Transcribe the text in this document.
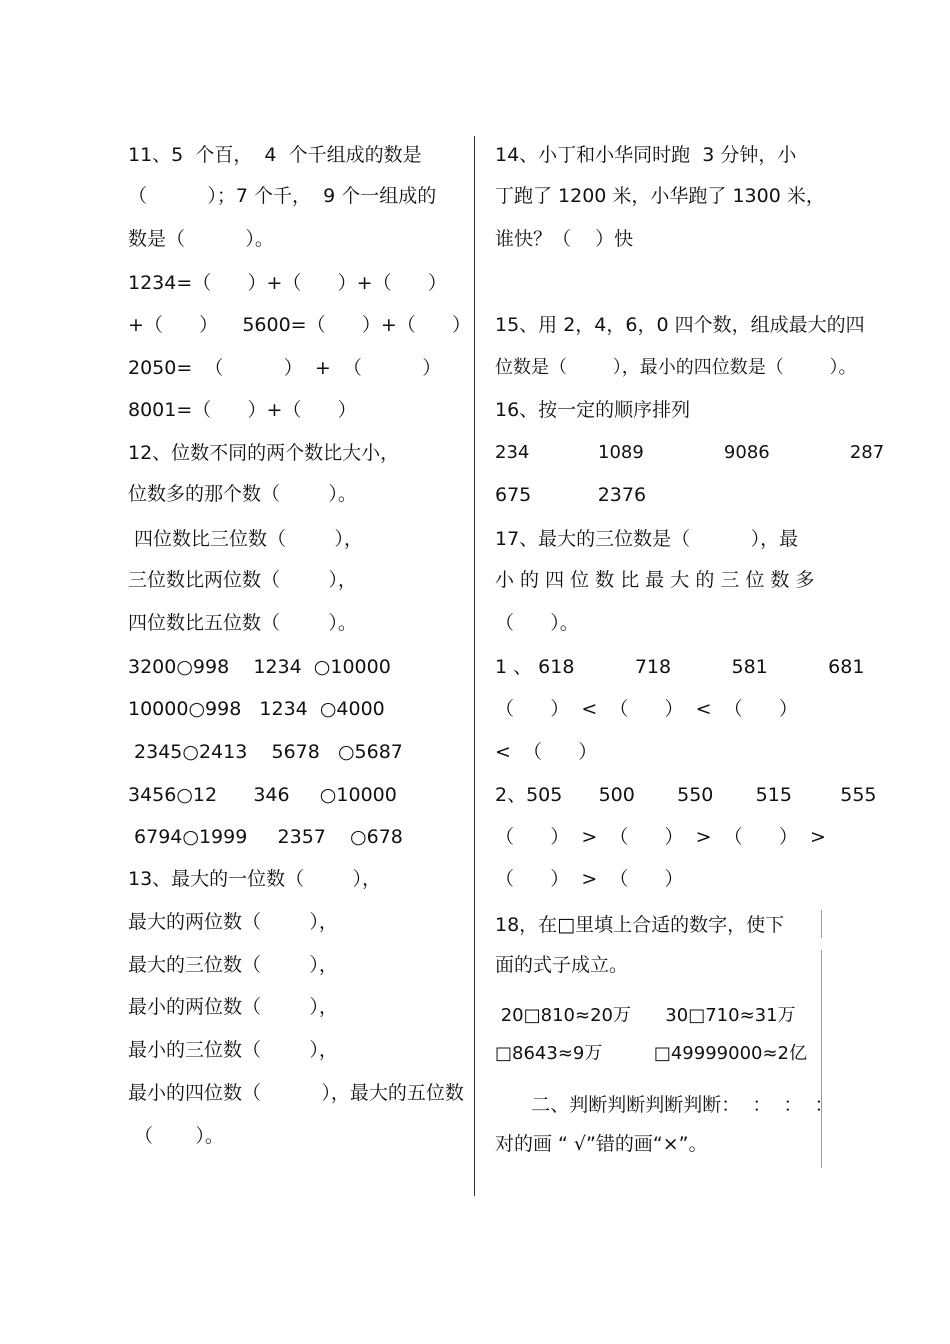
11、5  个百，  4  个千组成的数是
（          ）；7 个千，  9 个一组成的
数是（          ）。
1234=（      ）+（      ）+（      ）
+（      ）    5600=（      ）+（      ）
2050=  （          ）  +  （          ）
8001=（      ）+（      ）
12、位数不同的两个数比大小，
位数多的那个数（        ）。
四位数比三位数（        ），
三位数比两位数（        ），
四位数比五位数（        ）。
3200○998    1234  ○10000
10000○998   1234  ○4000
2345○2413    5678   ○5687
3456○12      346     ○10000
6794○1999     2357    ○678
13、最大的一位数（        ），
最大的两位数（        ），
最大的三位数（        ），
最小的两位数（        ），
最小的三位数（        ），
最小的四位数（          ），最大的五位数
（       ）。
14、小丁和小华同时跑  3 分钟，小
丁跑了 1200 米，小华跑了 1300 米，
谁快？（    ）快
15、用 2，4，6，0 四个数，组成最大的四
位数是（        ），最小的四位数是（        ）。
16、按一定的顺序排列
234            1089              9086              287
675           2376
17、最大的三位数是（          ），最
小 的 四 位 数 比 最 大 的 三 位 数 多
（      ）。
1 、 618          718          581          681
（      ）  <  （      ）  <  （      ）
<  （      ）
2、505      500       550       515        555
（      ）  >  （      ）  >  （      ）  >
（      ）  >  （      ）
18，在□里填上合适的数字，使下
面的式子成立。
20□810≈20万      30□710≈31万
□8643≈9万         □49999000≈2亿
二、判断判断判断判断：  ：  ：  ：
对的画 “ √”错的画“×”。
